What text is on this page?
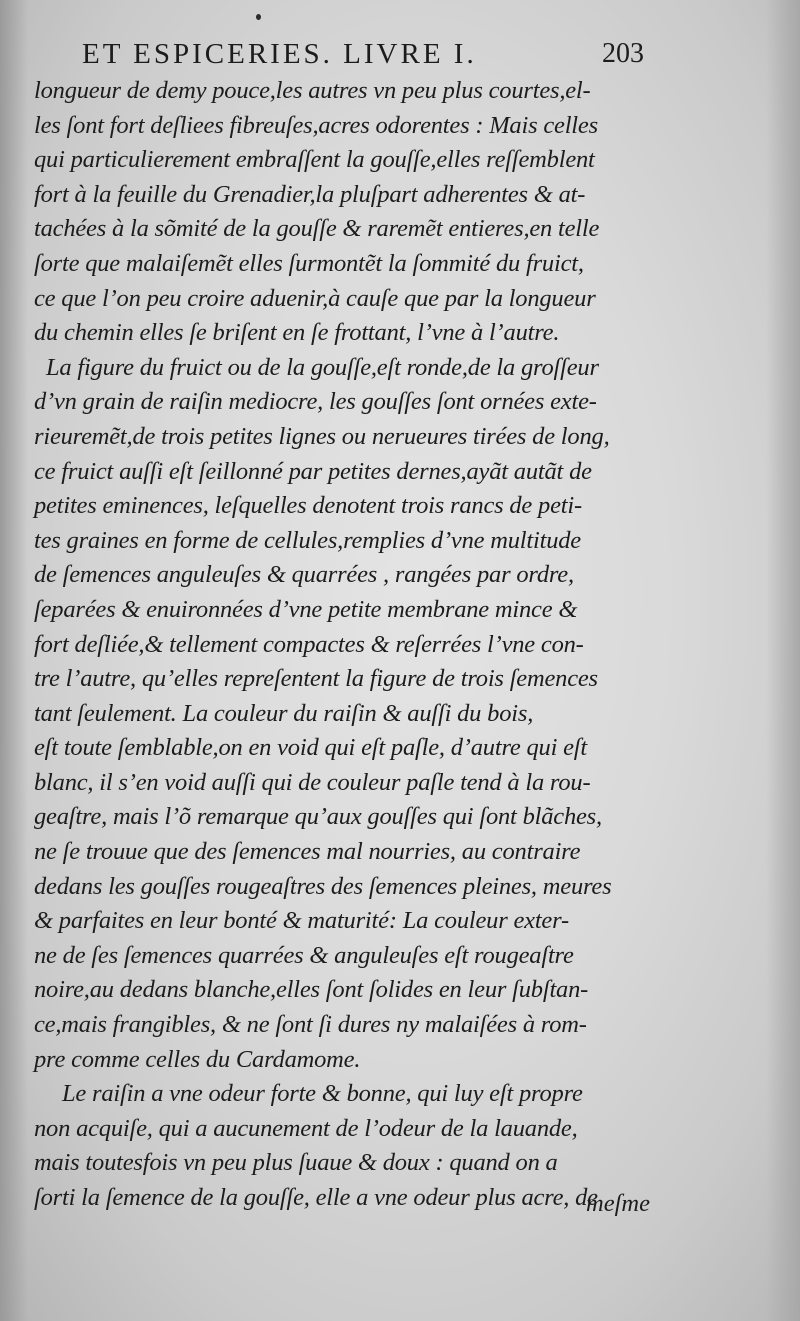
ET ESPICERIES. LIVRE I.	203
longueur de demy pouce,les autres vn peu plus courtes,el-
les ſont fort deſliees fibreuſes,acres odorentes : Mais celles
qui particulierement embraſſent la gouſſe,elles reſſemblent
fort à la feuille du Grenadier,la pluſpart adherentes & at-
tachées à la sõmité de la gouſſe & raremẽt entieres,en telle
ſorte que malaiſemẽt elles ſurmontẽt la ſommité du fruict,
ce que l’on peu croire aduenir,à cauſe que par la longueur
du chemin elles ſe briſent en ſe frottant, l’vne à l’autre.
La figure du fruict ou de la gouſſe,eſt ronde,de la groſſeur
d’vn grain de raiſin mediocre, les gouſſes ſont ornées exte-
rieuremẽt,de trois petites lignes ou nerueures tirées de long,
ce fruict auſſi eſt ſeillonné par petites dernes,ayãt autãt de
petites eminences, leſquelles denotent trois rancs de peti-
tes graines en forme de cellules,remplies d’vne multitude
de ſemences anguleuſes & quarrées , rangées par ordre,
ſeparées & enuironnées d’vne petite membrane mince &
fort deſliée,& tellement compactes & reſerrées l’vne con-
tre l’autre, qu’elles repreſentent la figure de trois ſemences
tant ſeulement. La couleur du raiſin & auſſi du bois,
eſt toute ſemblable,on en void qui eſt paſle, d’autre qui eſt
blanc, il s’en void auſſi qui de couleur paſle tend à la rou-
geaſtre, mais l’õ remarque qu’aux gouſſes qui ſont blãches,
ne ſe trouue que des ſemences mal nourries, au contraire
dedans les gouſſes rougeaſtres des ſemences pleines, meures
& parfaites en leur bonté & maturité: La couleur exter-
ne de ſes ſemences quarrées & anguleuſes eſt rougeaſtre
noire,au dedans blanche,elles ſont ſolides en leur ſubſtan-
ce,mais frangibles, & ne ſont ſi dures ny malaiſées à rom-
pre comme celles du Cardamome.
Le raiſin a vne odeur forte & bonne, qui luy eſt propre
non acquiſe, qui a aucunement de l’odeur de la lauande,
mais toutesfois vn peu plus ſuaue & doux : quand on a
ſorti la ſemence de la gouſſe, elle a vne odeur plus acre, de
meſme
